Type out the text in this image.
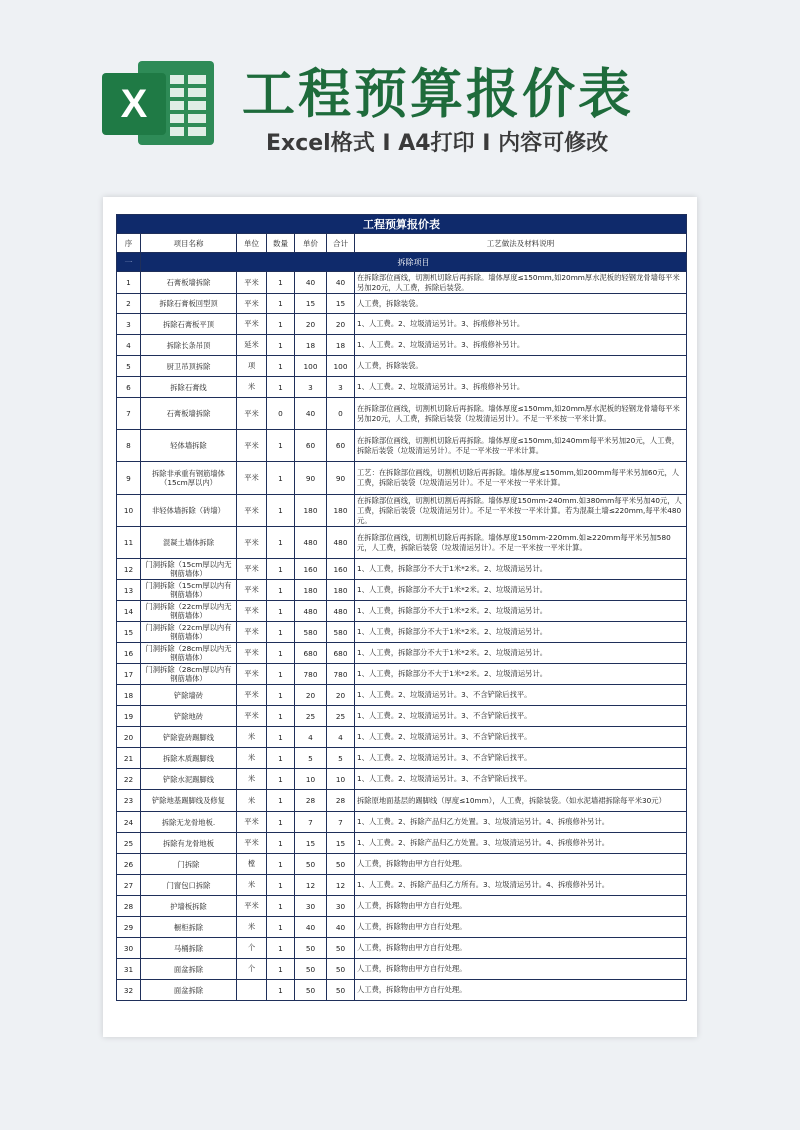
X 工程预算报价表
Excel格式 I A4打印 I 内容可修改
工程预算报价表						
序	项目名称	单位	数量	单价	合计	工艺做法及材料说明
一	拆除项目					
1	石膏板墙拆除	平米	1	40	40	在拆除部位画线，切割机切除后再拆除。墙体厚度≤150mm,如20mm厚水泥板的轻钢龙骨墙每平米另加20元，人工费，拆除后装袋。
2	拆除石膏板回型顶	平米	1	15	15	人工费，拆除装袋。
3	拆除石膏板平顶	平米	1	20	20	1、人工费。2、垃圾清运另计。3、拆痕修补另计。
4	拆除长条吊顶	延米	1	18	18	1、人工费。2、垃圾清运另计。3、拆痕修补另计。
5	厨卫吊顶拆除	项	1	100	100	人工费，拆除装袋。
6	拆除石膏线	米	1	3	3	1、人工费。2、垃圾清运另计。3、拆痕修补另计。
7	石膏板墙拆除	平米	0	40	0	在拆除部位画线，切割机切除后再拆除。墙体厚度≤150mm,如20mm厚水泥板的轻钢龙骨墙每平米另加20元，人工费，拆除后装袋（垃圾清运另计）。不足一平米按一平米计算。
8	轻体墙拆除	平米	1	60	60	在拆除部位画线，切割机切除后再拆除。墙体厚度≤150mm,如240mm每平米另加20元，人工费，拆除后装袋（垃圾清运另计）。不足一平米按一平米计算。
9	拆除非承重有钢筋墙体（15cm厚以内）	平米	1	90	90	工艺：在拆除部位画线，切割机切除后再拆除。墙体厚度≤150mm,如200mm每平米另加60元，人工费，拆除后装袋（垃圾清运另计）。不足一平米按一平米计算。
10	非轻体墙拆除（砖墙）	平米	1	180	180	在拆除部位画线，切割机切割后再拆除。墙体厚度150mm-240mm.如380mm每平米另加40元，人工费，拆除后装袋（垃圾清运另计）。不足一平米按一平米计算。若为混凝土墙≤220mm,每平米480元。
11	混凝土墙体拆除	平米	1	480	480	在拆除部位画线，切割机切除后再拆除。墙体厚度150mm-220mm.如≥220mm每平米另加580元，人工费，拆除后装袋（垃圾清运另计）。不足一平米按一平米计算。
12	门洞拆除（15cm厚以内无钢筋墙体）	平米	1	160	160	1、人工费，拆除部分不大于1米*2米。2、垃圾清运另计。
13	门洞拆除（15cm厚以内有钢筋墙体）	平米	1	180	180	1、人工费，拆除部分不大于1米*2米。2、垃圾清运另计。
14	门洞拆除（22cm厚以内无钢筋墙体）	平米	1	480	480	1、人工费，拆除部分不大于1米*2米。2、垃圾清运另计。
15	门洞拆除（22cm厚以内有钢筋墙体）	平米	1	580	580	1、人工费，拆除部分不大于1米*2米。2、垃圾清运另计。
16	门洞拆除（28cm厚以内无钢筋墙体）	平米	1	680	680	1、人工费，拆除部分不大于1米*2米。2、垃圾清运另计。
17	门洞拆除（28cm厚以内有钢筋墙体）	平米	1	780	780	1、人工费，拆除部分不大于1米*2米。2、垃圾清运另计。
18	铲除墙砖	平米	1	20	20	1、人工费。2、垃圾清运另计。3、不含铲除后找平。
19	铲除地砖	平米	1	25	25	1、人工费。2、垃圾清运另计。3、不含铲除后找平。
20	铲除瓷砖踢脚线	米	1	4	4	1、人工费。2、垃圾清运另计。3、不含铲除后找平。
21	拆除木质踢脚线	米	1	5	5	1、人工费。2、垃圾清运另计。3、不含铲除后找平。
22	铲除水泥踢脚线	米	1	10	10	1、人工费。2、垃圾清运另计。3、不含铲除后找平。
23	铲除地基踢脚线及修复	米	1	28	28	拆除原地面基层的踢脚线（厚度≤10mm），人工费，拆除装袋。（如水泥墙裙拆除每平米30元）
24	拆除无龙骨地板.	平米	1	7	7	1、人工费。2、拆除产品归乙方处置。3、垃圾清运另计。4、拆痕修补另计。
25	拆除有龙骨地板	平米	1	15	15	1、人工费。2、拆除产品归乙方处置。3、垃圾清运另计。4、拆痕修补另计。
26	门拆除	樘	1	50	50	人工费，拆除物由甲方自行处理。
27	门窗包口拆除	米	1	12	12	1、人工费。2、拆除产品归乙方所有。3、垃圾清运另计。4、拆痕修补另计。
28	护墙板拆除	平米	1	30	30	人工费，拆除物由甲方自行处理。
29	橱柜拆除	米	1	40	40	人工费，拆除物由甲方自行处理。
30	马桶拆除	个	1	50	50	人工费，拆除物由甲方自行处理。
31	面盆拆除	个	1	50	50	人工费，拆除物由甲方自行处理。
32	面盆拆除		1	50	50	人工费，拆除物由甲方自行处理。
